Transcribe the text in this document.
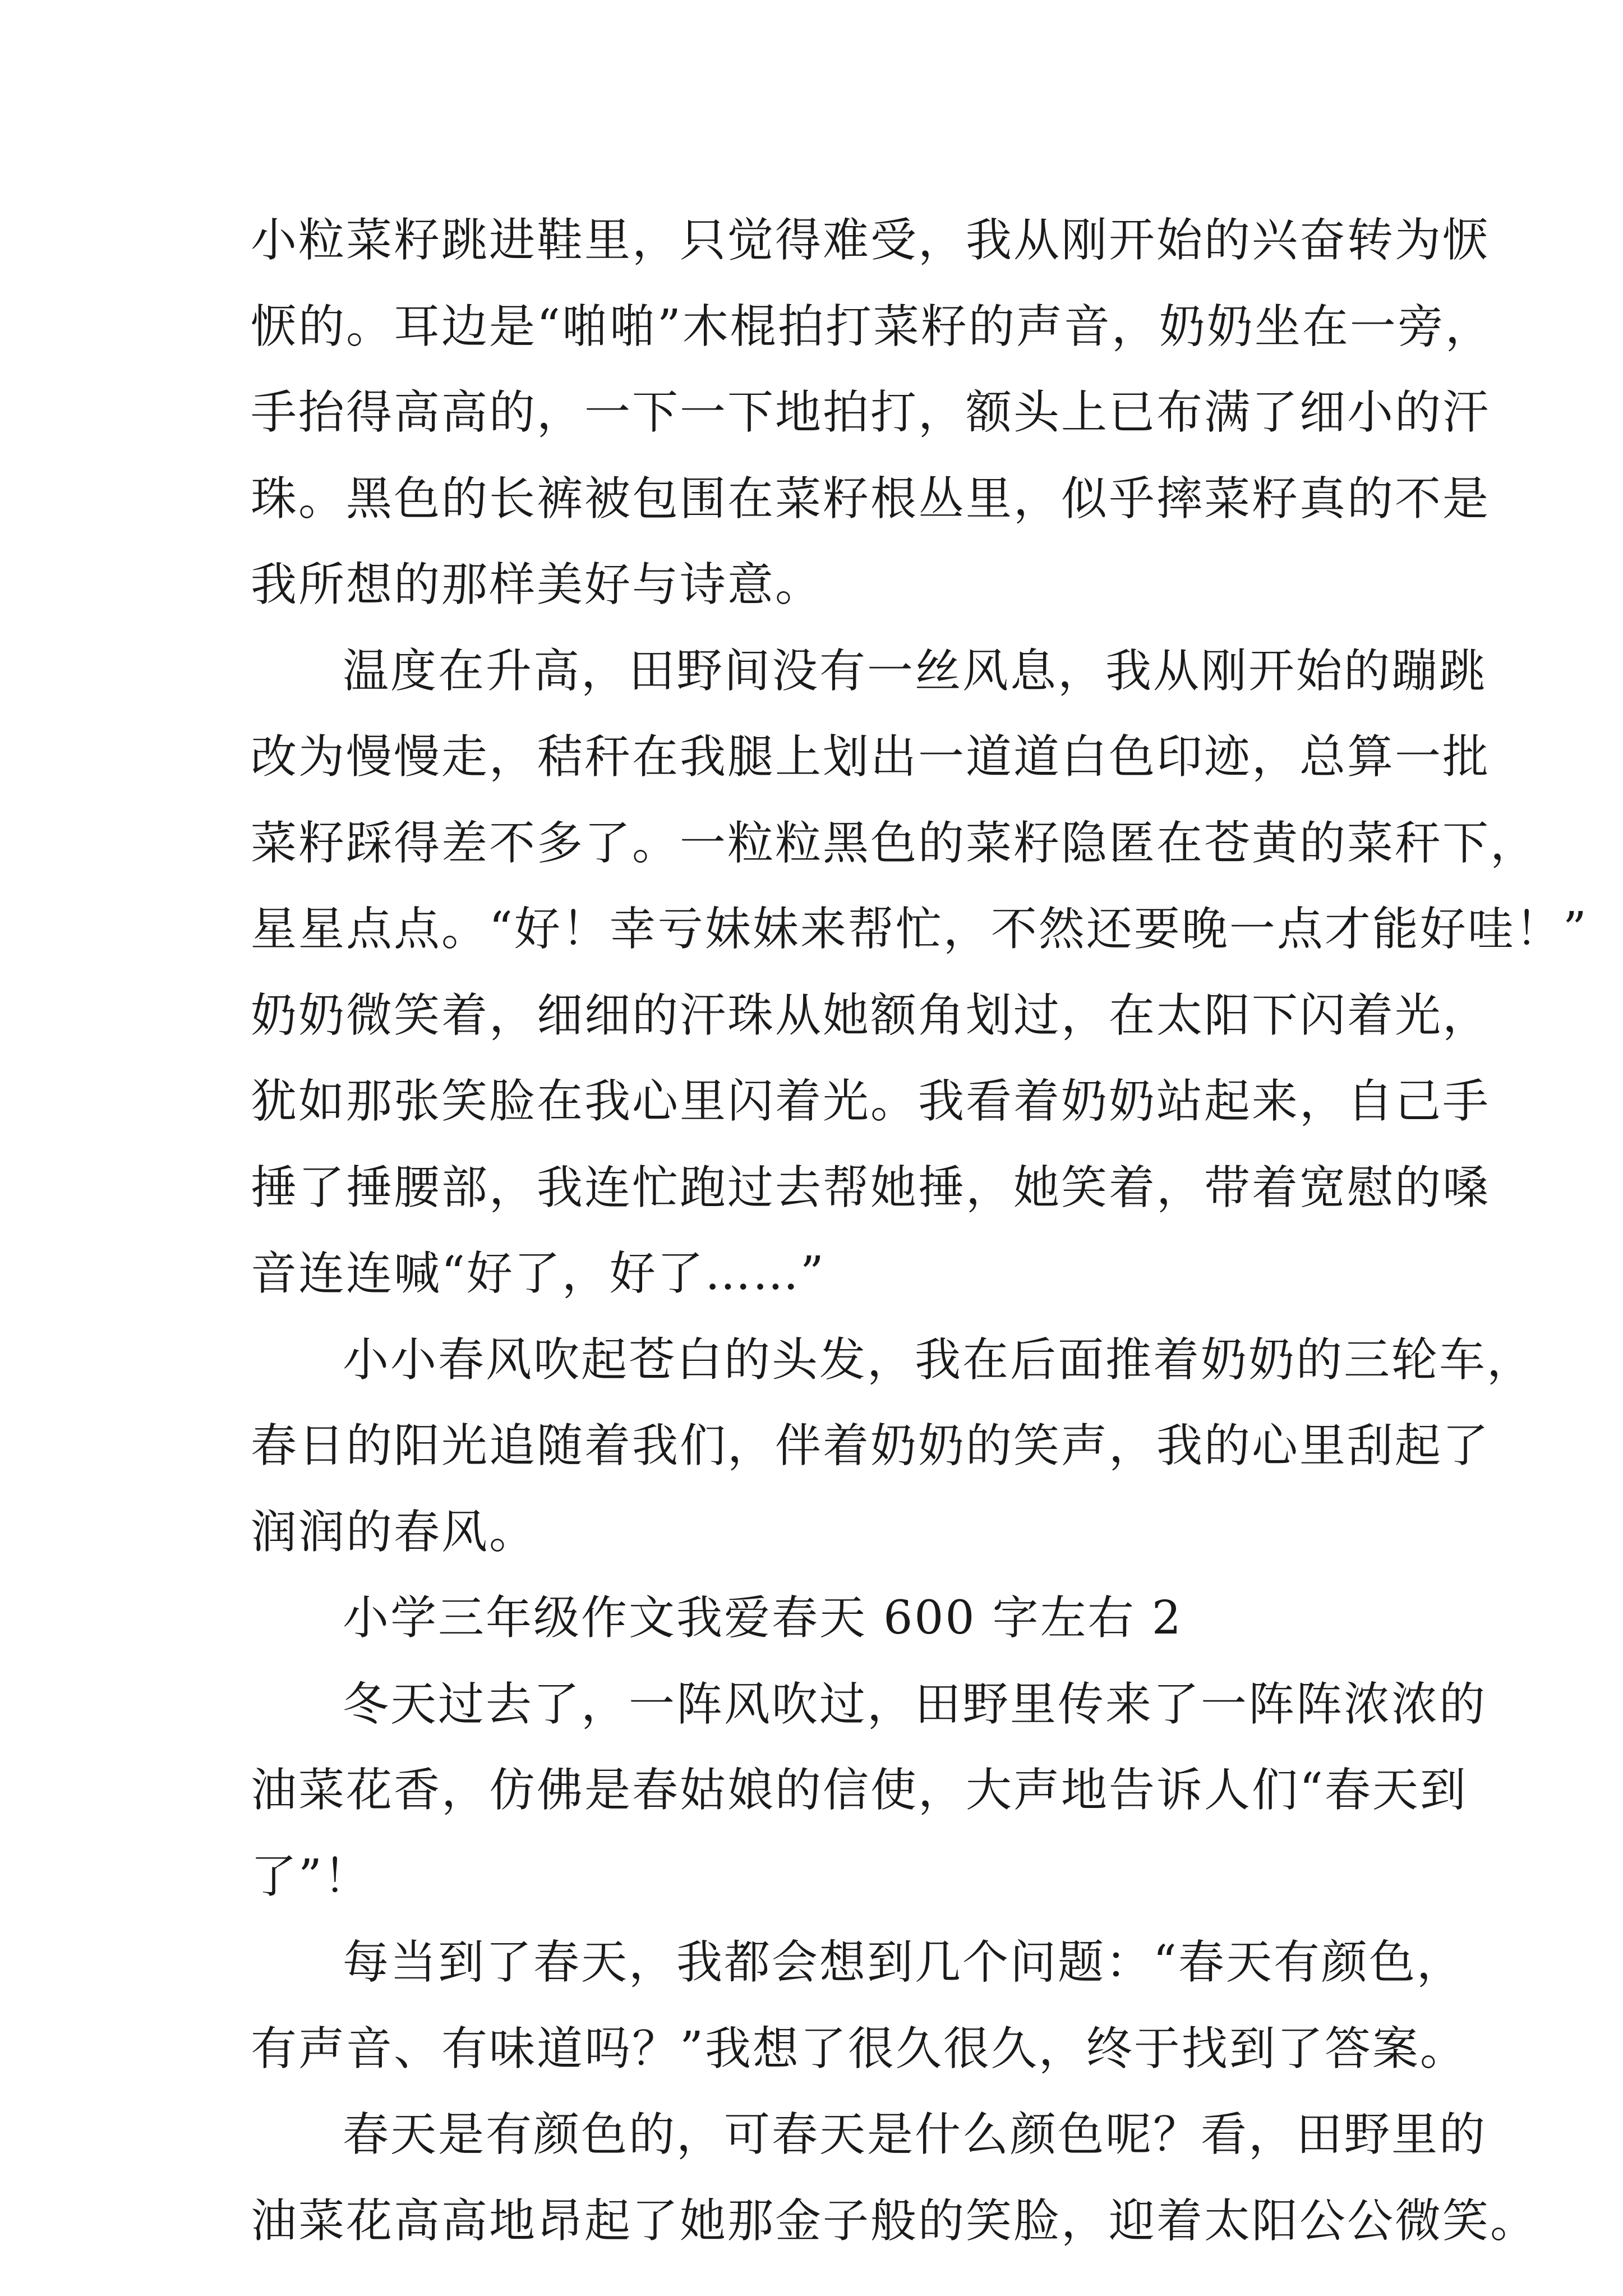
小粒菜籽跳进鞋里，只觉得难受，我从刚开始的兴奋转为恹
恹的。耳边是“啪啪”木棍拍打菜籽的声音，奶奶坐在一旁，
手抬得高高的，一下一下地拍打，额头上已布满了细小的汗
珠。黑色的长裤被包围在菜籽根丛里，似乎摔菜籽真的不是
我所想的那样美好与诗意。
温度在升高，田野间没有一丝风息，我从刚开始的蹦跳
改为慢慢走，秸秆在我腿上划出一道道白色印迹，总算一批
菜籽踩得差不多了。一粒粒黑色的菜籽隐匿在苍黄的菜秆下，
星星点点。“好！幸亏妹妹来帮忙，不然还要晚一点才能好哇！”
奶奶微笑着，细细的汗珠从她额角划过，在太阳下闪着光，
犹如那张笑脸在我心里闪着光。我看着奶奶站起来，自己手
捶了捶腰部，我连忙跑过去帮她捶，她笑着，带着宽慰的嗓
音连连喊“好了，好了……”
小小春风吹起苍白的头发，我在后面推着奶奶的三轮车，
春日的阳光追随着我们，伴着奶奶的笑声，我的心里刮起了
润润的春风。
小学三年级作文我爱春天 600 字左右 2
冬天过去了，一阵风吹过，田野里传来了一阵阵浓浓的
油菜花香，仿佛是春姑娘的信使，大声地告诉人们“春天到
了”！
每当到了春天，我都会想到几个问题：“春天有颜色，
有声音、有味道吗？”我想了很久很久，终于找到了答案。
春天是有颜色的，可春天是什么颜色呢？看，田野里的
油菜花高高地昂起了她那金子般的笑脸，迎着太阳公公微笑。
